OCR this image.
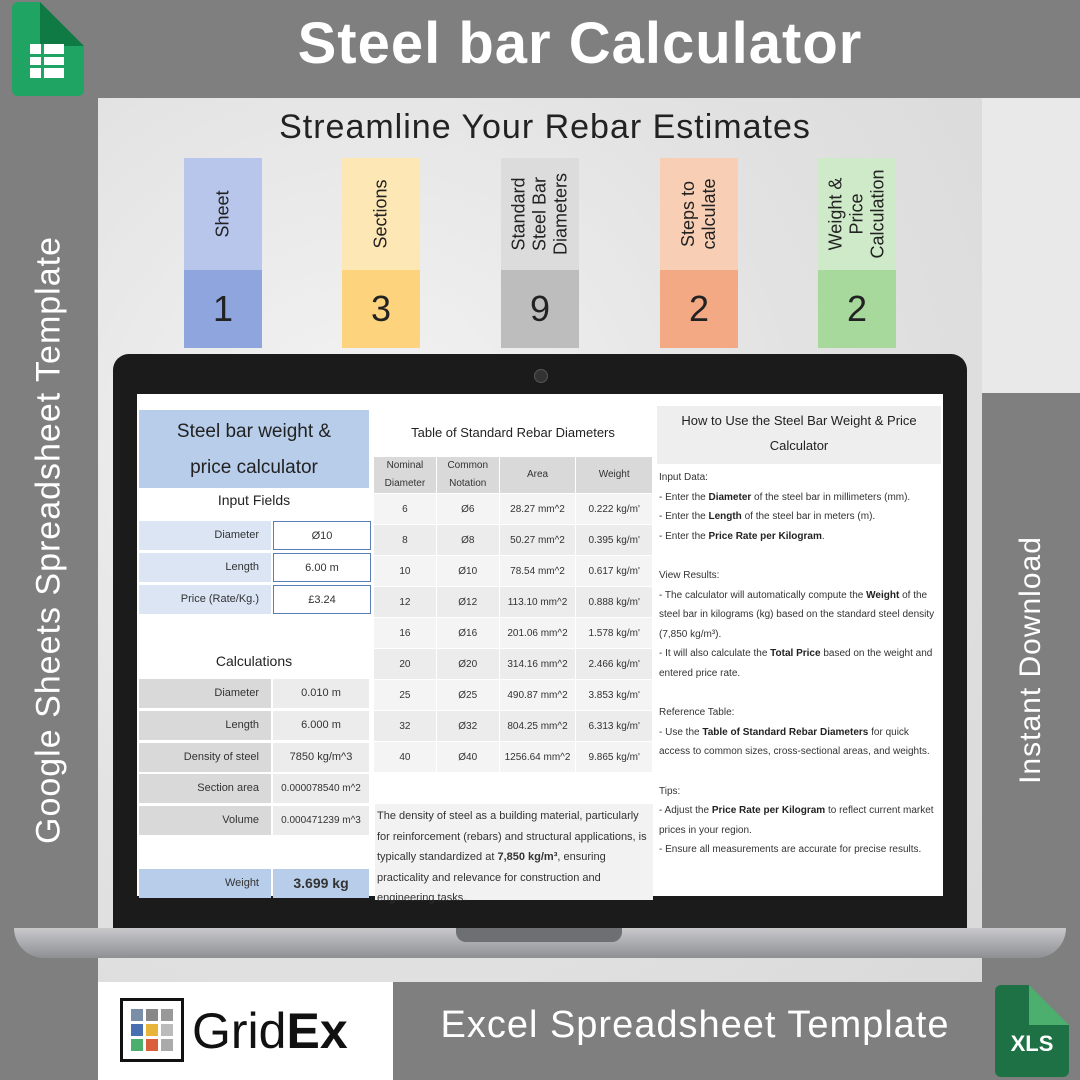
Steel bar Calculator
Streamline Your Rebar Estimates
Google Sheets Spreadsheet Template	Instant Download
Sheet
1
Sections
3
Standard Steel Bar Diameters
9
Steps to calculate
2
Weight & Price Calculation
2
Steel bar weight &
price calculator
Input Fields
Diameter	Ø10
Length	6.00 m
Price (Rate/Kg.)	£3.24
Calculations
Diameter	0.010 m
Length	6.000 m
Density of steel	7850 kg/m^3
Section area	0.000078540 m^2
Volume	0.000471239 m^3
Weight	3.699 kg
Table of Standard Rebar Diameters
Nominal Diameter	Common Notation	Area	Weight
6	Ø6	28.27 mm^2	0.222 kg/m'
8	Ø8	50.27 mm^2	0.395 kg/m'
10	Ø10	78.54 mm^2	0.617 kg/m'
12	Ø12	113.10 mm^2	0.888 kg/m'
16	Ø16	201.06 mm^2	1.578 kg/m'
20	Ø20	314.16 mm^2	2.466 kg/m'
25	Ø25	490.87 mm^2	3.853 kg/m'
32	Ø32	804.25 mm^2	6.313 kg/m'
40	Ø40	1256.64 mm^2	9.865 kg/m'
The density of steel as a building material, particularly for reinforcement (rebars) and structural applications, is typically standardized at 7,850 kg/m³, ensuring practicality and relevance for construction and engineering tasks.
How to Use the Steel Bar Weight & Price Calculator

Input Data:

- Enter the Diameter of the steel bar in millimeters (mm).

- Enter the Length of the steel bar in meters (m).

- Enter the Price Rate per Kilogram.

View Results:

- The calculator will automatically compute the Weight of the steel bar in kilograms (kg) based on the standard steel density (7,850 kg/m³).

- It will also calculate the Total Price based on the weight and entered price rate.

Reference Table:

- Use the Table of Standard Rebar Diameters for quick access to common sizes, cross-sectional areas, and weights.

Tips:

- Adjust the Price Rate per Kilogram to reflect current market prices in your region.

- Ensure all measurements are accurate for precise results.

GridEx	Excel Spreadsheet Template	XLS
